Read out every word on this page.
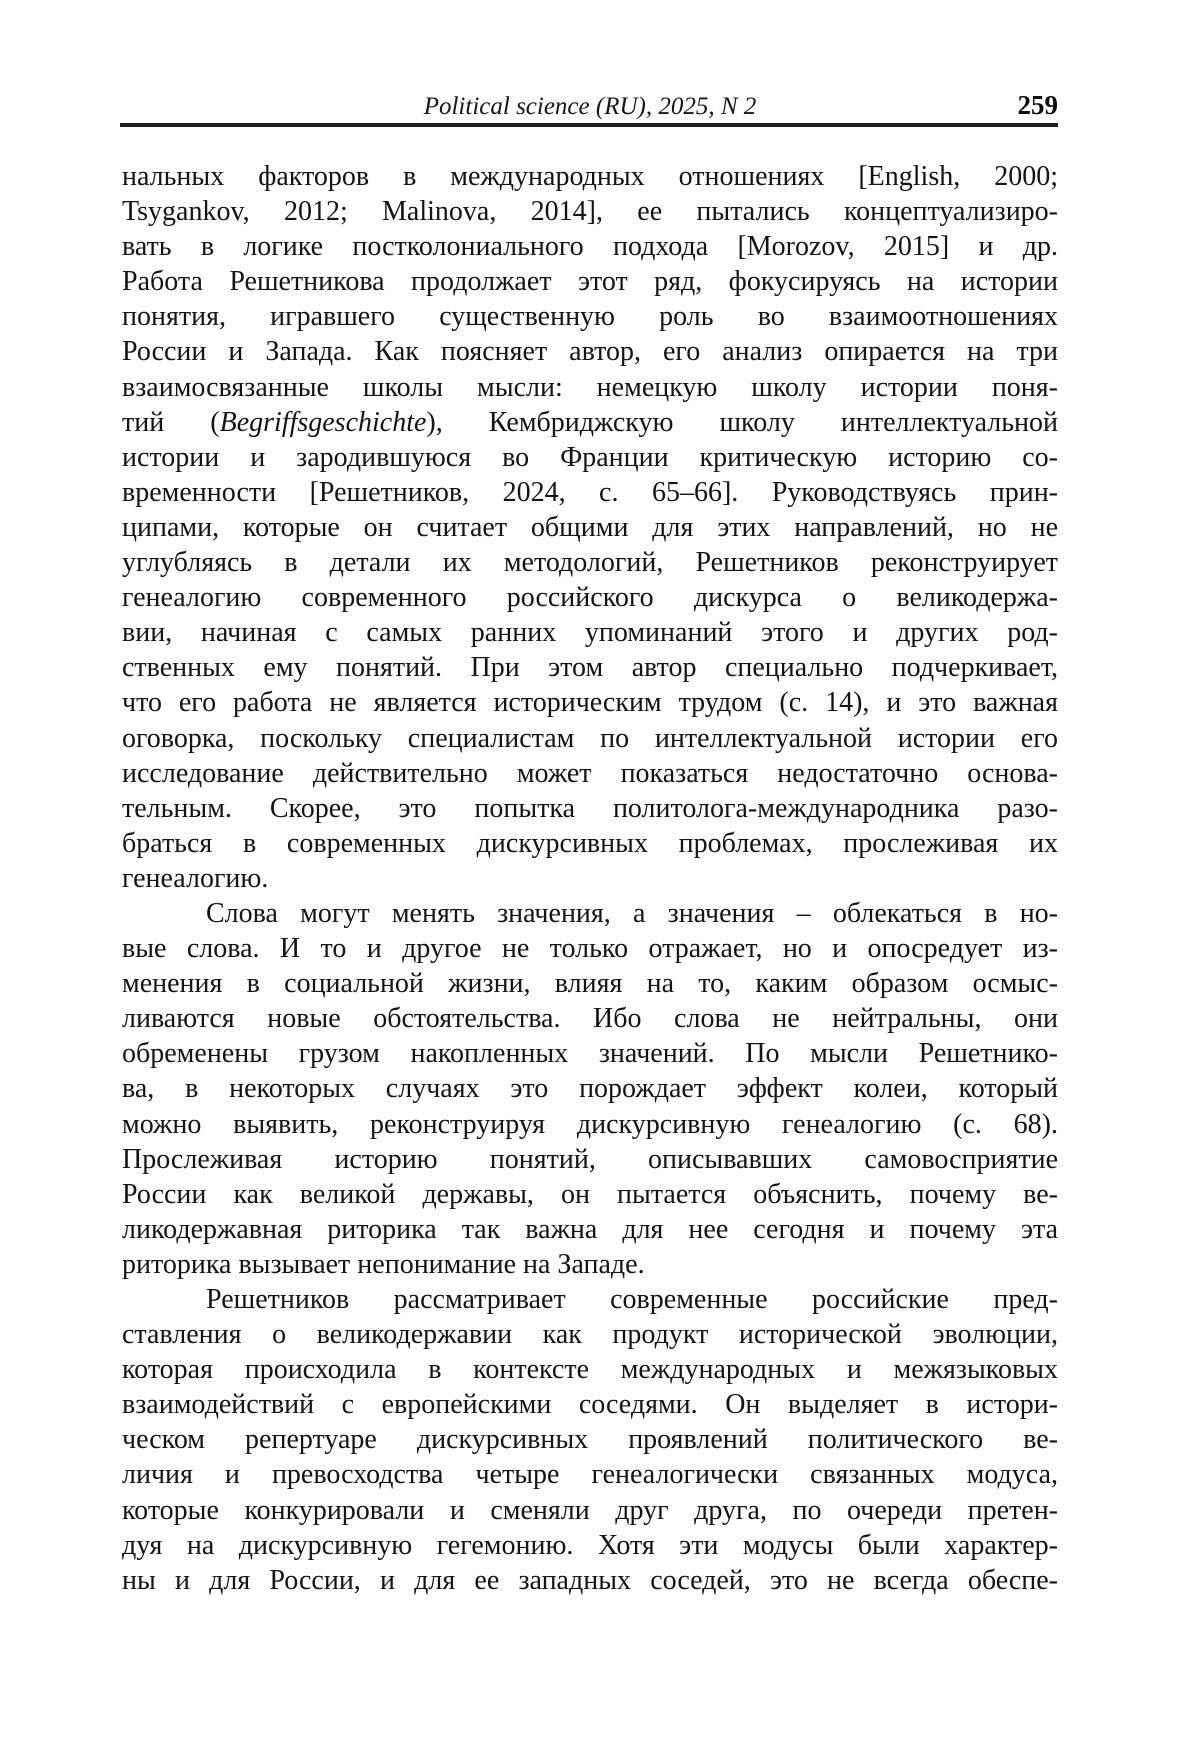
Political science (RU), 2025, N 2	259
нальных факторов в международных отношениях [English, 2000;
Tsygankov, 2012; Malinova, 2014], ее пытались концептуализиро-
вать в логике постколониального подхода [Morozov, 2015] и др.
Работа Решетникова продолжает этот ряд, фокусируясь на истории
понятия, игравшего существенную роль во взаимоотношениях
России и Запада. Как поясняет автор, его анализ опирается на три
взаимосвязанные школы мысли: немецкую школу истории поня-
тий (Begriffsgeschichte), Кембриджскую школу интеллектуальной
истории и зародившуюся во Франции критическую историю со-
временности [Решетников, 2024, с. 65–66]. Руководствуясь прин-
ципами, которые он считает общими для этих направлений, но не
углубляясь в детали их методологий, Решетников реконструирует
генеалогию современного российского дискурса о великодержа-
вии, начиная с самых ранних упоминаний этого и других род-
ственных ему понятий. При этом автор специально подчеркивает,
что его работа не является историческим трудом (с. 14), и это важная
оговорка, поскольку специалистам по интеллектуальной истории его
исследование действительно может показаться недостаточно основа-
тельным. Скорее, это попытка политолога-международника разо-
браться в современных дискурсивных проблемах, прослеживая их
генеалогию.
Слова могут менять значения, а значения – облекаться в но-
вые слова. И то и другое не только отражает, но и опосредует из-
менения в социальной жизни, влияя на то, каким образом осмыс-
ливаются новые обстоятельства. Ибо слова не нейтральны, они
обременены грузом накопленных значений. По мысли Решетнико-
ва, в некоторых случаях это порождает эффект колеи, который
можно выявить, реконструируя дискурсивную генеалогию (с. 68).
Прослеживая историю понятий, описывавших самовосприятие
России как великой державы, он пытается объяснить, почему ве-
ликодержавная риторика так важна для нее сегодня и почему эта
риторика вызывает непонимание на Западе.
Решетников рассматривает современные российские пред-
ставления о великодержавии как продукт исторической эволюции,
которая происходила в контексте международных и межязыковых
взаимодействий с европейскими соседями. Он выделяет в истори-
ческом репертуаре дискурсивных проявлений политического ве-
личия и превосходства четыре генеалогически связанных модуса,
которые конкурировали и сменяли друг друга, по очереди претен-
дуя на дискурсивную гегемонию. Хотя эти модусы были характер-
ны и для России, и для ее западных соседей, это не всегда обеспе-
